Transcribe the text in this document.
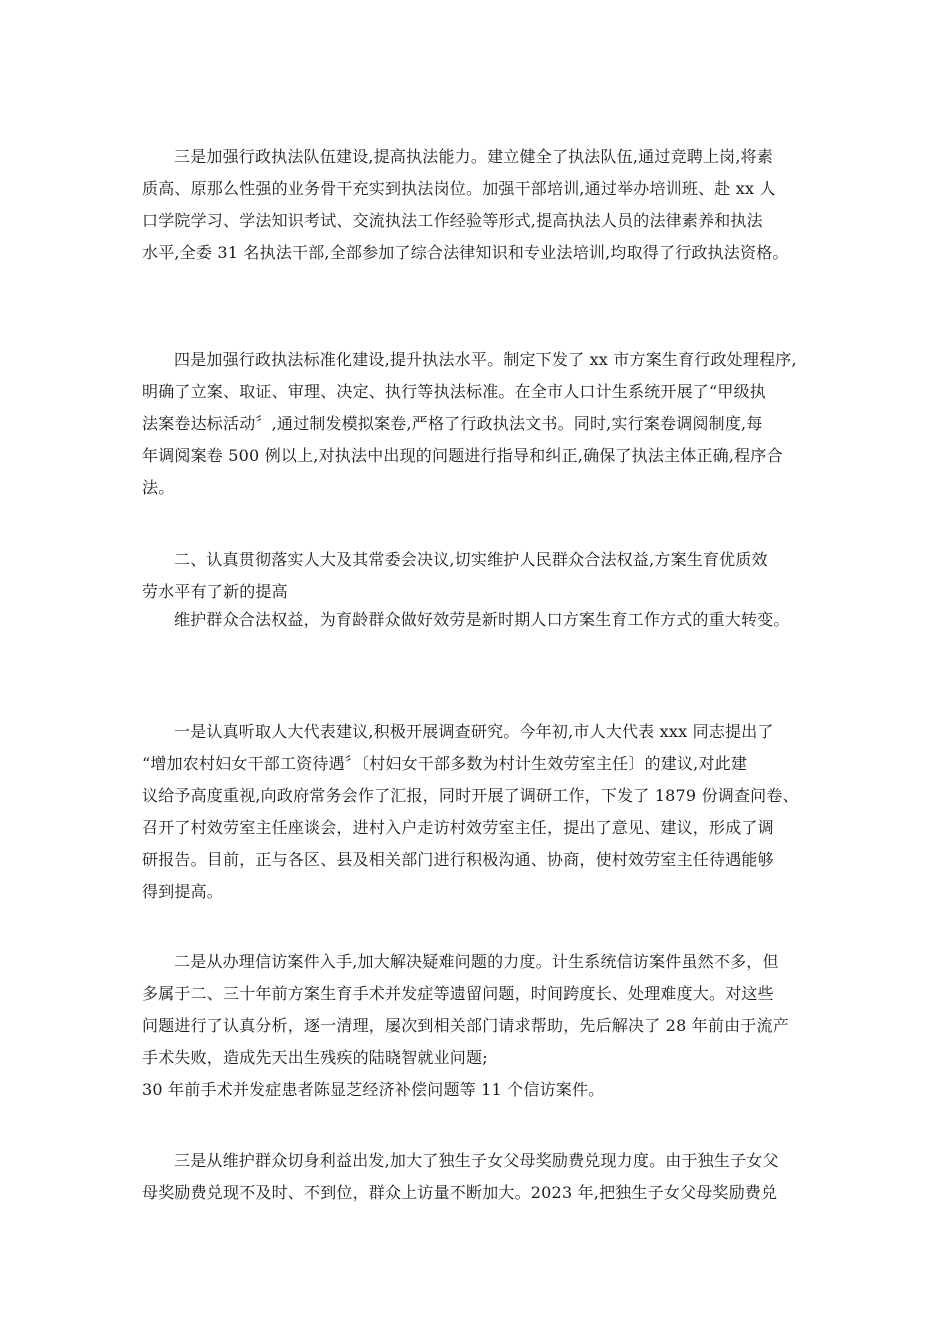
三是加强行政执法队伍建设,提高执法能力。建立健全了执法队伍,通过竞聘上岗,将素
质高、原那么性强的业务骨干充实到执法岗位。加强干部培训,通过举办培训班、赴 xx 人
口学院学习、学法知识考试、交流执法工作经验等形式,提高执法人员的法律素养和执法
水平,全委 31 名执法干部,全部参加了综合法律知识和专业法培训,均取得了行政执法资格。

四是加强行政执法标准化建设,提升执法水平。制定下发了 xx 市方案生育行政处理程序,
明确了立案、取证、审理、决定、执行等执法标准。在全市人口计生系统开展了“甲级执
法案卷达标活动〞,通过制发模拟案卷,严格了行政执法文书。同时,实行案卷调阅制度,每
年调阅案卷 500 例以上,对执法中出现的问题进行指导和纠正,确保了执法主体正确,程序合
法。

二、认真贯彻落实人大及其常委会决议,切实维护人民群众合法权益,方案生育优质效
劳水平有了新的提高
维护群众合法权益，为育龄群众做好效劳是新时期人口方案生育工作方式的重大转变。

一是认真听取人大代表建议,积极开展调查研究。今年初,市人大代表 xxx 同志提出了
“增加农村妇女干部工资待遇〞〔村妇女干部多数为村计生效劳室主任〕的建议,对此建
议给予高度重视,向政府常务会作了汇报，同时开展了调研工作，下发了 1879 份调查问卷、
召开了村效劳室主任座谈会，进村入户走访村效劳室主任，提出了意见、建议，形成了调
研报告。目前，正与各区、县及相关部门进行积极沟通、协商，使村效劳室主任待遇能够
得到提高。

二是从办理信访案件入手,加大解决疑难问题的力度。计生系统信访案件虽然不多，但
多属于二、三十年前方案生育手术并发症等遗留问题，时间跨度长、处理难度大。对这些
问题进行了认真分析，逐一清理，屡次到相关部门请求帮助，先后解决了 28 年前由于流产
手术失败，造成先天出生残疾的陆晓智就业问题;
30 年前手术并发症患者陈显芝经济补偿问题等 11 个信访案件。

三是从维护群众切身利益出发,加大了独生子女父母奖励费兑现力度。由于独生子女父
母奖励费兑现不及时、不到位，群众上访量不断加大。2023 年,把独生子女父母奖励费兑
